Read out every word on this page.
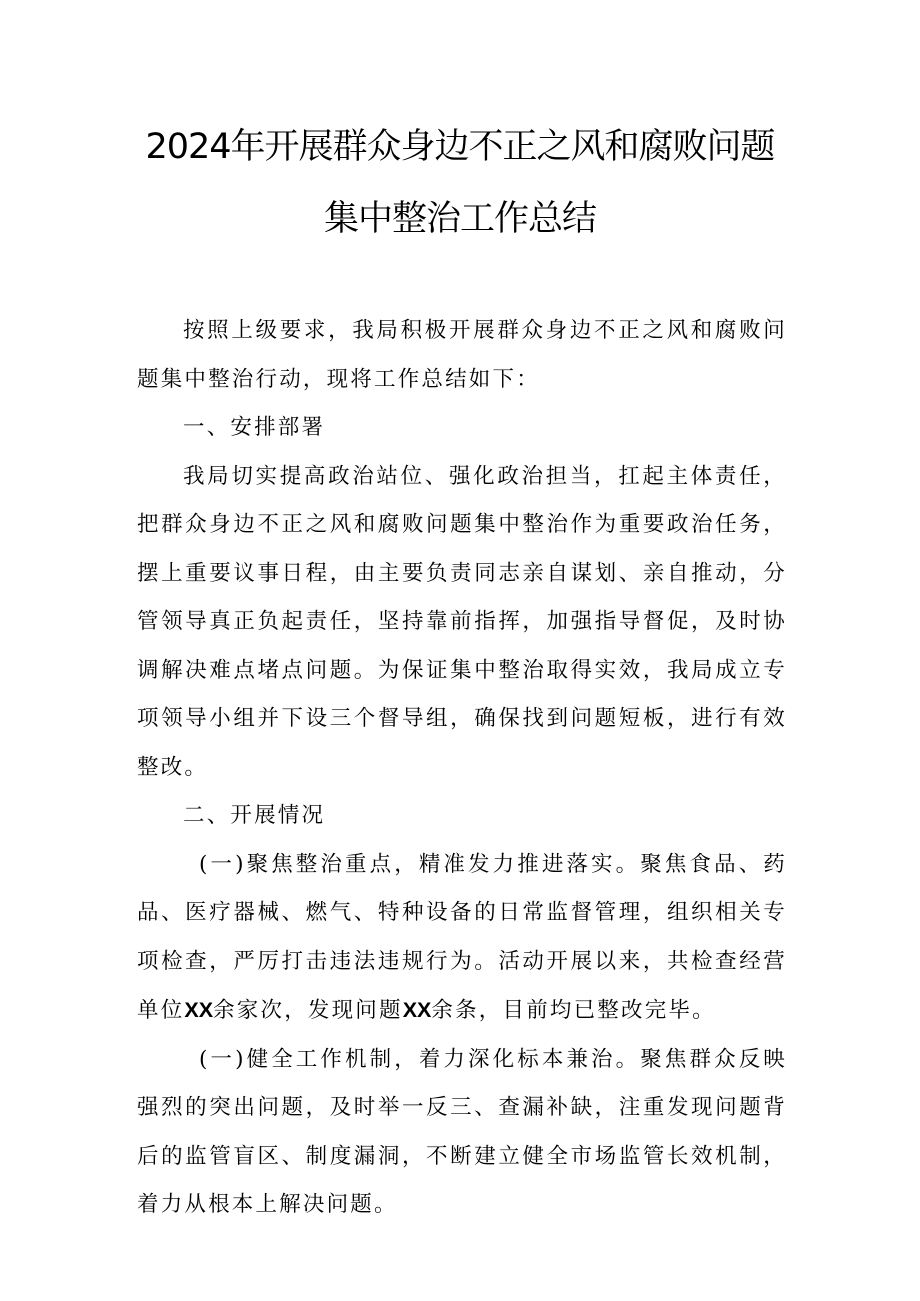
2024年开展群众身边不正之风和腐败问题
集中整治工作总结

按照上级要求，我局积极开展群众身边不正之风和腐败问题集中整治行动，现将工作总结如下：

一、安排部署

我局切实提高政治站位、强化政治担当，扛起主体责任，把群众身边不正之风和腐败问题集中整治作为重要政治任务，摆上重要议事日程，由主要负责同志亲自谋划、亲自推动，分管领导真正负起责任，坚持靠前指挥，加强指导督促，及时协调解决难点堵点问题。为保证集中整治取得实效，我局成立专项领导小组并下设三个督导组，确保找到问题短板，进行有效整改。

二、开展情况

(一)聚焦整治重点，精准发力推进落实。聚焦食品、药品、医疗器械、燃气、特种设备的日常监督管理，组织相关专项检查，严厉打击违法违规行为。活动开展以来，共检查经营单位XX余家次，发现问题XX余条，目前均已整改完毕。

(一)健全工作机制，着力深化标本兼治。聚焦群众反映强烈的突出问题，及时举一反三、查漏补缺，注重发现问题背后的监管盲区、制度漏洞，不断建立健全市场监管长效机制，着力从根本上解决问题。
